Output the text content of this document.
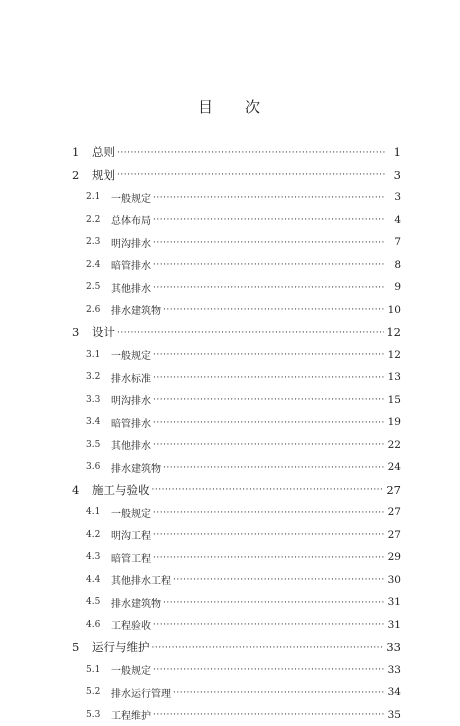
目 次
1	总则 ·····	1
2	规划 ·····	3
2.1	一般规定 ·····	3
2.2	总体布局 ·····	4
2.3	明沟排水 ·····	7
2.4	暗管排水 ·····	8
2.5	其他排水 ·····	9
2.6	排水建筑物 ·····	10
3	设计 ·····	12
3.1	一般规定 ·····	12
3.2	排水标准 ·····	13
3.3	明沟排水 ·····	15
3.4	暗管排水 ·····	19
3.5	其他排水 ·····	22
3.6	排水建筑物 ·····	24
4	施工与验收 ·····	27
4.1	一般规定 ·····	27
4.2	明沟工程 ·····	27
4.3	暗管工程 ·····	29
4.4	其他排水工程 ·····	30
4.5	排水建筑物 ·····	31
4.6	工程验收 ·····	31
5	运行与维护 ·····	33
5.1	一般规定 ·····	33
5.2	排水运行管理 ·····	34
5.3	工程维护 ·····	35
